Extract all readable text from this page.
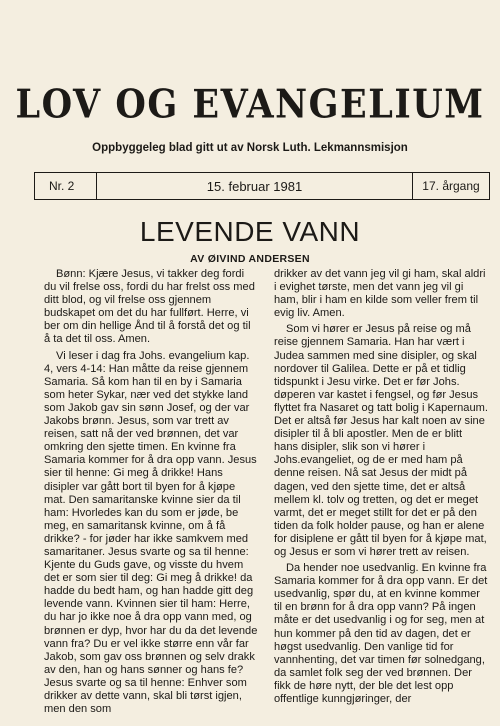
LOV OG EVANGELIUM
Oppbyggeleg blad gitt ut av Norsk Luth. Lekmannsmisjon
Nr. 2	15. februar 1981	17. årgang
LEVENDE VANN
AV ØIVIND ANDERSEN

Bønn: Kjære Jesus, vi takker deg fordi du vil frelse oss, fordi du har frelst oss med ditt blod, og vil frelse oss gjennem budskapet om det du har fullført. Herre, vi ber om din hellige Ånd til å forstå det og til å ta det til oss. Amen.

Vi leser i dag fra Johs. evangelium kap. 4, vers 4-14: Han måtte da reise gjennem Samaria. Så kom han til en by i Samaria som heter Sykar, nær ved det stykke land som Jakob gav sin sønn Josef, og der var Jakobs brønn. Jesus, som var trett av reisen, satt nå der ved brønnen, det var omkring den sjette timen. En kvinne fra Samaria kommer for å dra opp vann. Jesus sier til henne: Gi meg å drikke! Hans disipler var gått bort til byen for å kjøpe mat. Den samaritanske kvinne sier da til ham: Hvorledes kan du som er jøde, be meg, en samaritansk kvinne, om å få drikke? - for jøder har ikke samkvem med samaritaner. Jesus svarte og sa til henne: Kjente du Guds gave, og visste du hvem det er som sier til deg: Gi meg å drikke! da hadde du bedt ham, og han hadde gitt deg levende vann. Kvinnen sier til ham: Herre, du har jo ikke noe å dra opp vann med, og brønnen er dyp, hvor har du da det levende vann fra? Du er vel ikke større enn vår far Jakob, som gav oss brønnen og selv drakk av den, han og hans sønner og hans fe? Jesus svarte og sa til henne: Enhver som drikker av dette vann, skal bli tørst igjen, men den som

drikker av det vann jeg vil gi ham, skal aldri i evighet tørste, men det vann jeg vil gi ham, blir i ham en kilde som veller frem til evig liv. Amen.

Som vi hører er Jesus på reise og må reise gjennem Samaria. Han har vært i Judea sammen med sine disipler, og skal nordover til Galilea. Dette er på et tidlig tidspunkt i Jesu virke. Det er før Johs. døperen var kastet i fengsel, og før Jesus flyttet fra Nasaret og tatt bolig i Kapernaum. Det er altså før Jesus har kalt noen av sine disipler til å bli apostler. Men de er blitt hans disipler, slik son vi hører i Johs.evangeliet, og de er med ham på denne reisen. Nå sat Jesus der midt på dagen, ved den sjette time, det er altså mellem kl. tolv og tretten, og det er meget varmt, det er meget stillt for det er på den tiden da folk holder pause, og han er alene for disiplene er gått til byen for å kjøpe mat, og Jesus er som vi hører trett av reisen.

Da hender noe usedvanlig. En kvinne fra Samaria kommer for å dra opp vann. Er det usedvanlig, spør du, at en kvinne kommer til en brønn for å dra opp vann? På ingen måte er det usedvanlig i og for seg, men at hun kommer på den tid av dagen, det er høgst usedvanlig. Den vanlige tid for vannhenting, det var timen før solnedgang, da samlet folk seg der ved brønnen. Der fikk de høre nytt, der ble det lest opp offentlige kunngjøringer, der
